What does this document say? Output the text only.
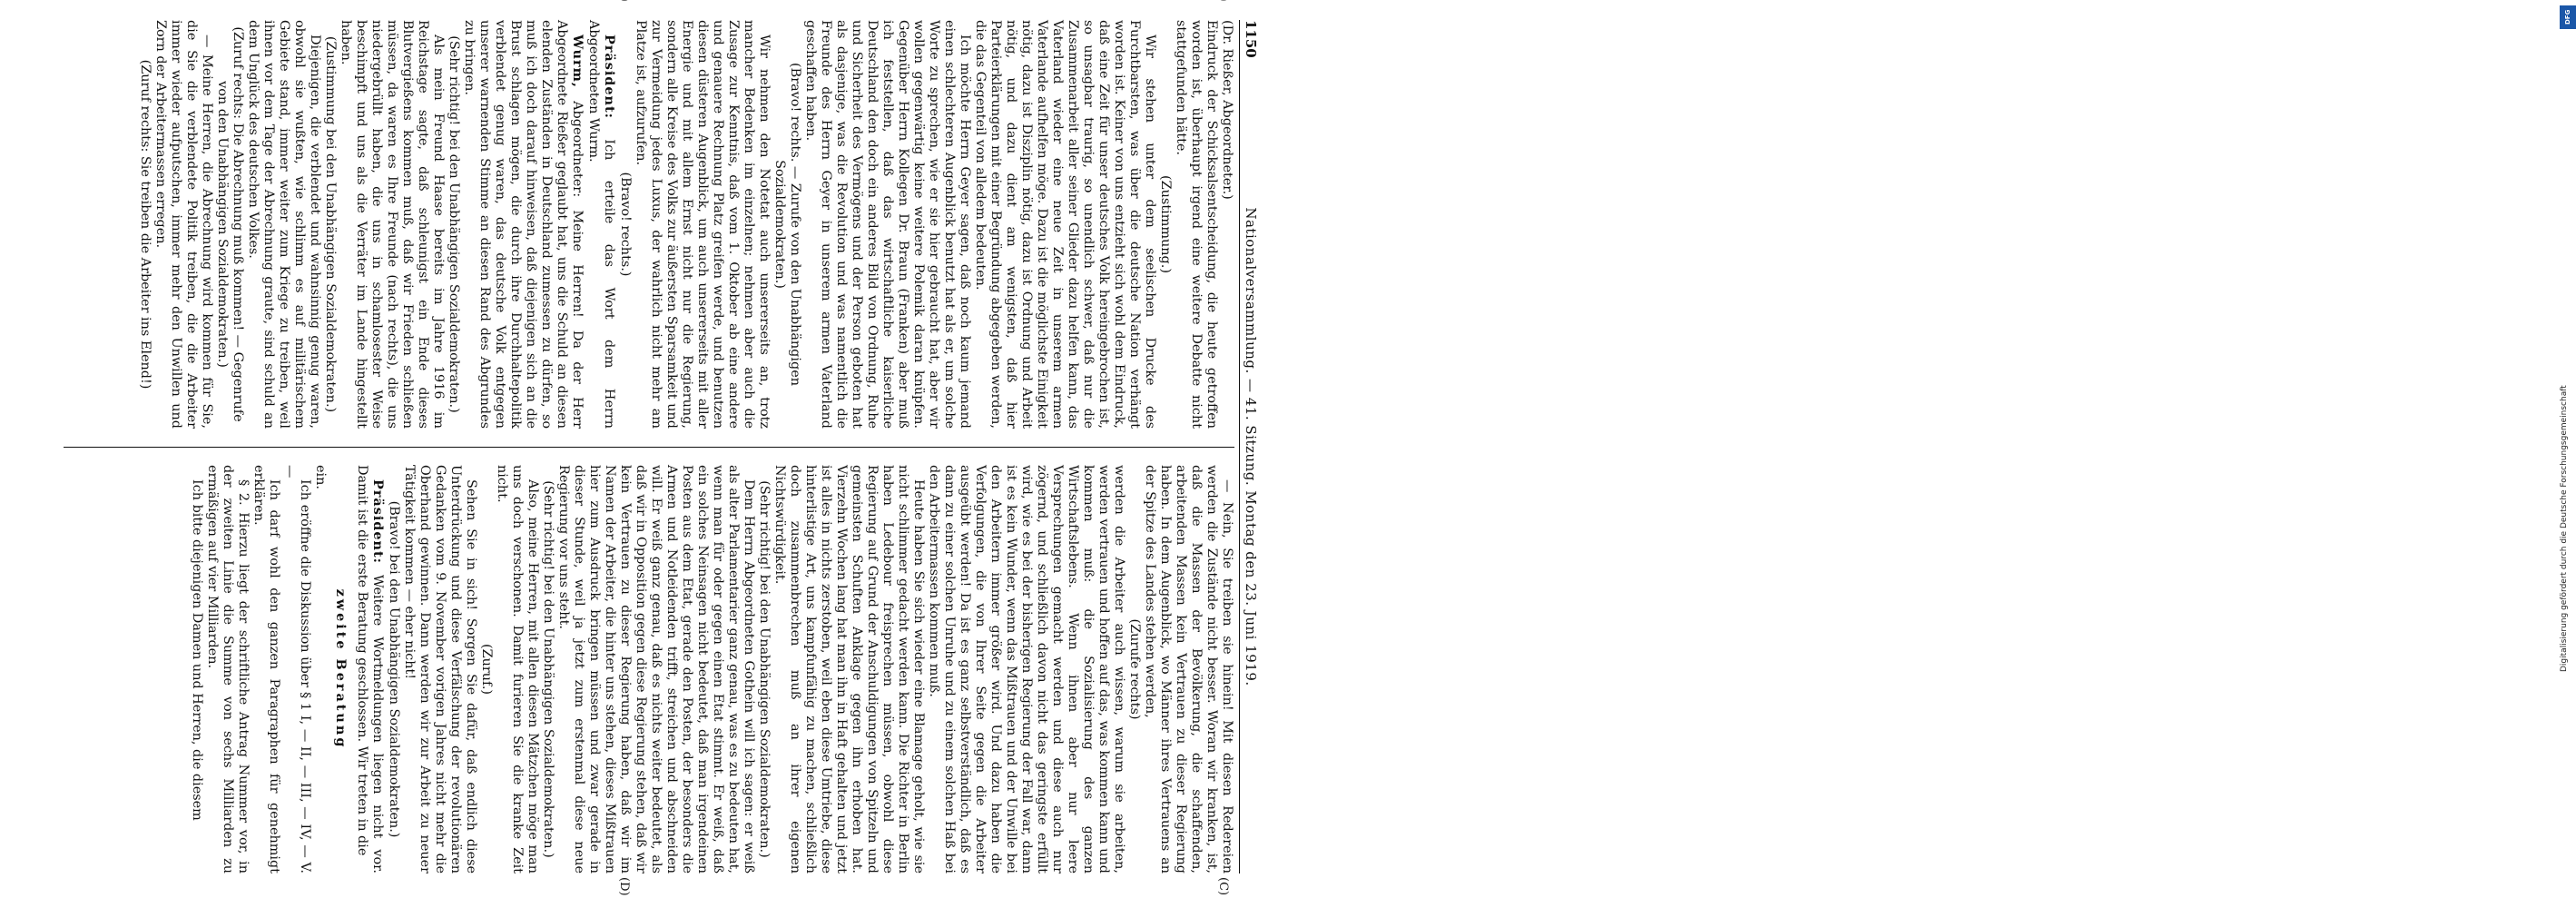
1150
Nationalversammlung. — 41. Sitzung. Montag den 23. Juni 1919.
(C)
(D)

(Dr. Rießer, Abgeordneter.)

Eindruck der Schicksalsentscheidung, die heute getroffen worden ist, überhaupt irgend eine weitere Debatte nicht stattgefunden hätte.

(Zustimmung.)

Wir stehen unter dem seelischen Drucke des Furchtbarsten, was über die deutsche Nation verhängt worden ist. Keiner von uns entzieht sich wohl dem Eindruck, daß eine Zeit für unser deutsches Volk hereingebrochen ist, so unsagbar traurig, so unendlich schwer, daß nur die Zusammenarbeit aller seiner Glieder dazu helfen kann, das Vaterland wieder eine neue Zeit in unserem armen Vaterlande aufhelfen möge. Dazu ist die möglichste Einigkeit nötig, dazu ist Disziplin nötig, dazu ist Ordnung und Arbeit nötig, und dazu dient am wenigsten, daß hier Parteierklärungen mit einer Begründung abgegeben werden, die das Gegenteil von alledem bedeuten.

Ich möchte Herrn Geyer sagen, daß noch kaum jemand einen schlechteren Augenblick benutzt hat als er, um solche Worte zu sprechen, wie er sie hier gebraucht hat, aber wir wollen gegenwärtig keine weitere Polemik daran knüpfen. Gegenüber Herrn Kollegen Dr. Braun (Franken) aber muß ich feststellen, daß das wirtschaftliche kaiserliche Deutschland den doch ein anderes Bild von Ordnung, Ruhe und Sicherheit des Vermögens und der Person geboten hat als dasjenige, was die Revolution und was namentlich die Freunde des Herrn Geyer in unserem armen Vaterland geschaffen haben.

(Bravo! rechts. — Zurufe von den Unabhängigen Sozialdemokraten.)

Wir nehmen den Notetat auch unsererseits an, trotz mancher Bedenken im einzelnen; nehmen aber auch die Zusage zur Kenntnis, daß vom 1. Oktober ab eine andere und genauere Rechnung Platz greifen werde, und benutzen diesen düsteren Augenblick, um auch unsererseits mit aller Energie und mit allem Ernst nicht nur die Regierung, sondern alle Kreise des Volks zur äußersten Sparsamkeit und zur Vermeidung jedes Luxus, der wahrlich nicht mehr am Platze ist, aufzurufen.

(Bravo! rechts.)

Präsident: Ich erteile das Wort dem Herrn Abgeordneten Wurm.

Wurm, Abgeordneter: Meine Herren! Da der Herr Abgeordnete Rießer geglaubt hat, uns die Schuld an diesen elenden Zuständen in Deutschland zumessen zu dürfen, so muß ich doch darauf hinweisen, daß diejenigen sich an die Brust schlagen mögen, die durch ihre Durchhaltepolitik verblendet genug waren, das deutsche Volk entgegen unserer warnenden Stimme an diesen Rand des Abgrundes zu bringen.

(Sehr richtig! bei den Unabhängigen Sozialdemokraten.)

Als mein Freund Haase bereits im Jahre 1916 im Reichstage sagte, daß schleunigst ein Ende dieses Blutvergießens kommen muß, daß wir Frieden schließen müssen, da waren es Ihre Freunde (nach rechts), die uns niedergebrüllt haben, die uns in schamlosester Weise beschimpft und uns als die Verräter im Lande hingestellt haben.

(Zustimmung bei den Unabhängigen Sozialdemokraten.)

Diejenigen, die verblendet und wahnsinnig genug waren, obwohl sie wußten, wie schlimm es auf militärischem Gebiete stand, immer weiter zum Kriege zu treiben, weil ihnen vor dem Tage der Abrechnung graute, sind schuld an dem Unglück des deutschen Volkes.

(Zuruf rechts: Die Abrechnung muß kommen! — Gegenrufe von den Unabhängigen Sozialdemokraten.)

— Meine Herren, die Abrechnung wird kommen für Sie, die Sie die verblendete Politik treiben, die die Arbeiter immer wieder aufputschen, immer mehr den Unwillen und Zorn der Arbeitermassen erregen.

(Zuruf rechts: Sie treiben die Arbeiter ins Elend!)

— Nein, Sie treiben sie hinein! Mit diesen Redereien werden die Zustände nicht besser. Woran wir kranken, ist, daß die Massen der Bevölkerung, die schaffenden, arbeitenden Massen kein Vertrauen zu dieser Regierung haben. In dem Augenblick, wo Männer ihres Vertrauens an der Spitze des Landes stehen werden,

(Zurufe rechts)

werden die Arbeiter auch wissen, warum sie arbeiten, werden vertrauen und hoffen auf das, was kommen kann und kommen muß: die Sozialisierung des ganzen Wirtschaftslebens. Wenn ihnen aber nur leere Versprechungen gemacht werden und diese auch nur zögernd, und schließlich davon nicht das geringste erfüllt wird, wie es bei der bisherigen Regierung der Fall war, dann ist es kein Wunder, wenn das Mißtrauen und der Unwille bei den Arbeitern immer größer wird. Und dazu haben die Verfolgungen, die von Ihrer Seite gegen die Arbeiter ausgeübt werden! Da ist es ganz selbstverständlich, daß es dann zu einer solchen Unruhe und zu einem solchen Haß bei den Arbeitermassen kommen muß.

Heute haben Sie sich wieder eine Blamage geholt, wie sie nicht schlimmer gedacht werden kann. Die Richter in Berlin haben Ledebour freisprechen müssen, obwohl diese Regierung auf Grund der Anschuldigungen von Spitzeln und gemeinsten Schuften Anklage gegen ihn erhoben hat. Vierzehn Wochen lang hat man ihn in Haft gehalten und jetzt ist alles in nichts zerstoben, weil eben diese Umtriebe, diese hinterlistige Art, uns kampfunfähig zu machen, schließlich doch zusammenbrechen muß an ihrer eigenen Nichtswürdigkeit.

(Sehr richtig! bei den Unabhängigen Sozialdemokraten.)

Dem Herrn Abgeordneten Gothein will ich sagen: er weiß als alter Parlamentarier ganz genau, was es zu bedeuten hat, wenn man für oder gegen einen Etat stimmt. Er weiß, daß ein solches Neinsagen nicht bedeutet, daß man irgendeinen Posten aus dem Etat, gerade den Posten, der besonders die Armen und Notleidenden trifft, streichen und abschneiden will. Er weiß ganz genau, daß es nichts weiter bedeutet, als daß wir in Opposition gegen diese Regierung stehen, daß wir kein Vertrauen zu dieser Regierung haben, daß wir im Namen der Arbeiter, die hinter uns stehen, dieses Mißtrauen hier zum Ausdruck bringen müssen und zwar gerade in dieser Stunde, weil ja jetzt zum erstenmal diese neue Regierung vor uns steht.

(Sehr richtig! bei den Unabhängigen Sozialdemokraten.)

Also, meine Herren, mit allen diesen Mätzchen möge man uns doch verschonen. Damit furieren Sie die kranke Zeit nicht.

(Zuruf.)

Sehen Sie in sich! Sorgen Sie dafür, daß endlich diese Unterdrückung und diese Verfälschung der revolutionären Gedanken vom 9. November vorigen Jahres nicht mehr die Oberhand gewinnen. Dann werden wir zur Arbeit zu neuer Tätigkeit kommen — eher nicht!

(Bravo! bei den Unabhängigen Sozialdemokraten.)

Präsident: Weitere Wortmeldungen liegen nicht vor. Damit ist die erste Beratung geschlossen. Wir treten in die

zweite Beratung

ein.

Ich eröffne die Diskussion über § 1 I, — II, — III, — IV, — V. —

Ich darf wohl den ganzen Paragraphen für genehmigt erklären.

§ 2. Hierzu liegt der schriftliche Antrag Nummer vor, in der zweiten Linie die Summe von sechs Milliarden zu ermäßigen auf vier Milliarden.

Ich bitte diejenigen Damen und Herren, die diesem

DFG
Digitalisierung gefördert durch die Deutsche Forschungsgemeinschaft
